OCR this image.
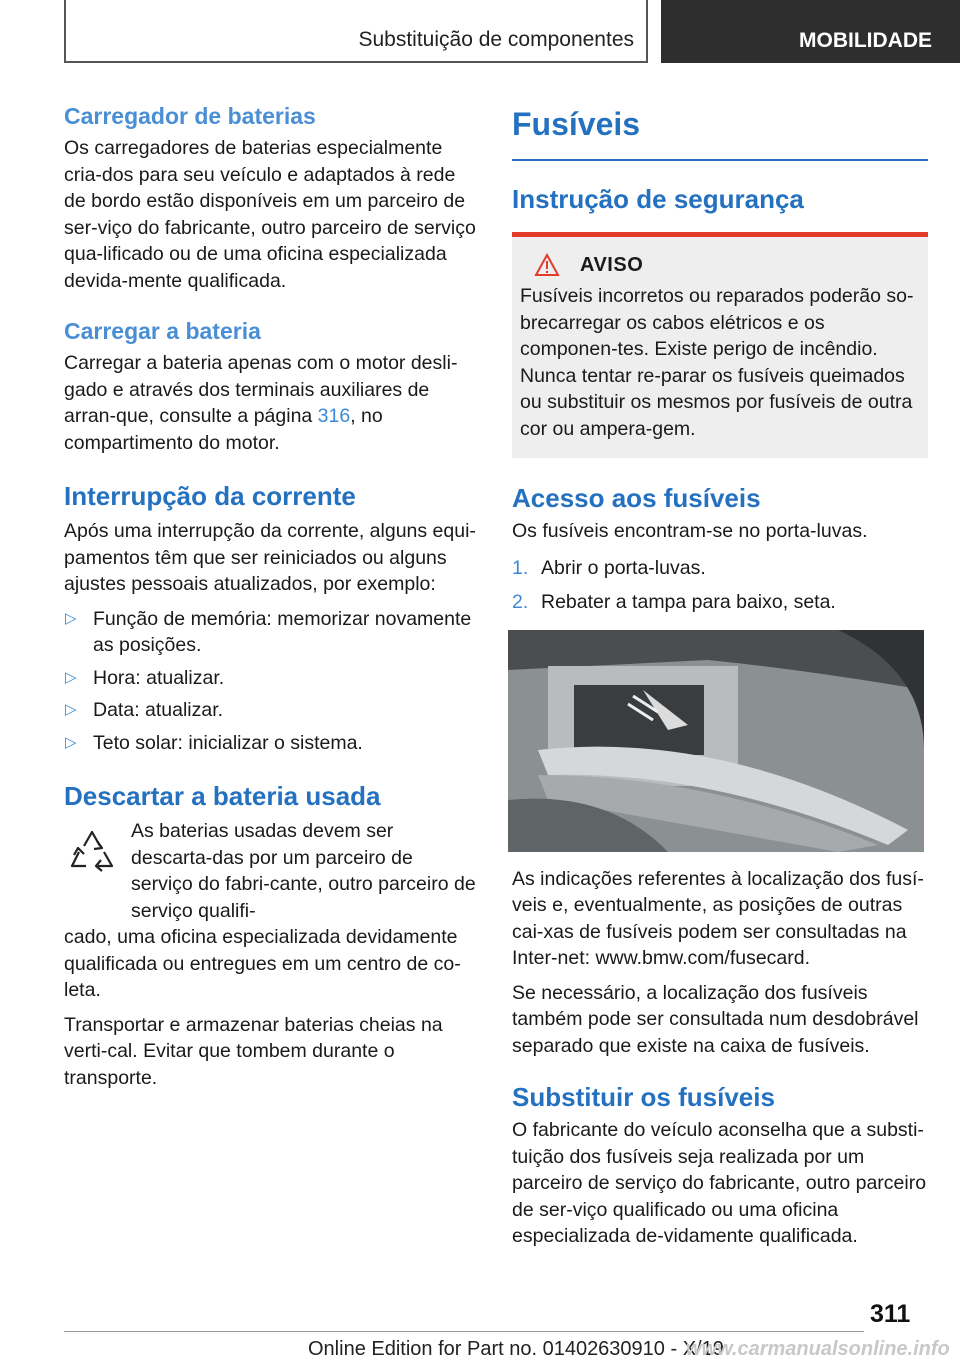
Substituição de componentes	MOBILIDADE
Carregador de baterias

Os carregadores de baterias especialmente cria-dos para seu veículo e adaptados à rede de bordo estão disponíveis em um parceiro de ser-viço do fabricante, outro parceiro de serviço qua-lificado ou de uma oficina especializada devida-mente qualificada.

Carregar a bateria

Carregar a bateria apenas com o motor desli-gado e através dos terminais auxiliares de arran-que, consulte a página 316, no compartimento do motor.

Interrupção da corrente

Após uma interrupção da corrente, alguns equi-pamentos têm que ser reiniciados ou alguns ajustes pessoais atualizados, por exemplo:

▷ Função de memória: memorizar novamente as posições.
▷ Hora: atualizar.
▷ Data: atualizar.
▷ Teto solar: inicializar o sistema.
Descartar a bateria usada

As baterias usadas devem ser descarta-das por um parceiro de serviço do fabri-cante, outro parceiro de serviço qualifi-

cado, uma oficina especializada devidamente qualificada ou entregues em um centro de co-leta.

Transportar e armazenar baterias cheias na verti-cal. Evitar que tombem durante o transporte.

Fusíveis
Instrução de segurança
AVISO

Fusíveis incorretos ou reparados poderão so-brecarregar os cabos elétricos e os componen-tes. Existe perigo de incêndio. Nunca tentar re-parar os fusíveis queimados ou substituir os mesmos por fusíveis de outra cor ou ampera-gem.

Acesso aos fusíveis

Os fusíveis encontram-se no porta-luvas.

1. Abrir o porta-luvas.
2. Rebater a tampa para baixo, seta.

As indicações referentes à localização dos fusí-veis e, eventualmente, as posições de outras cai-xas de fusíveis podem ser consultadas na Inter-net: www.bmw.com/fusecard.

Se necessário, a localização dos fusíveis também pode ser consultada num desdobrável separado que existe na caixa de fusíveis.

Substituir os fusíveis

O fabricante do veículo aconselha que a substi-tuição dos fusíveis seja realizada por um parceiro de serviço do fabricante, outro parceiro de ser-viço qualificado ou uma oficina especializada de-vidamente qualificada.

311
Online Edition for Part no. 01402630910 - X/19
www.carmanualsonline.info
